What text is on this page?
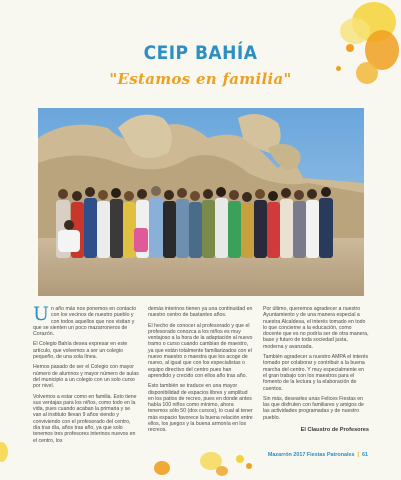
CEIP BAHÍA
"Estamos en familia"

Un año más nos ponemos en contacto con los vecinos de nuestro pueblo y con todos aquellos que nos visitan y que se sienten un poco mazarroneros de Corazón.

El Colegio Bahía desea expresar en este artículo, que volvemos a ser un colegio pequeño, de una sola línea.

Hemos pasado de ser el Colegio con mayor número de alumnos y mayor número de aulas del municipio a un colegio con un solo curso por nivel.

Volvemos a estar como en familia. Esto tiene sus ventajas para los niños, como todo en la vida, pues cuando acaban la primaria y se van al instituto llevan 9 años viendo y conviviendo con el profesorado del centro, día tras día, años tras año, ya que solo tenemos tres profesores interinos nuevos en el centro, los

demás interinos tienen ya una continuidad en nuestro centro de bastantes años.

El hecho de conocer al profesorado y que el profesorado conozca a los niños es muy ventajoso a la hora de la adaptación al nuevo tramo o curso cuando cambian de maestro, ya que están totalmente familiarizados con el nuevo maestro o maestra que los acoge de nuevo, al igual que con los especialistas o equipo directivo del centro pues han aprendido y crecido con ellos año tras año.

Esto también se traduce en una mayor disponibilidad de espacios libres y amplitud en los patios de recreo, pues en donde antes había 100 niños como mínimo, ahora tenemos sólo 50 (dos cursos), lo cual al tener más espacio favorece la buena relación entre ellos, los juegos y la buena armonía en los recreos.

Por último, queremos agradecer a nuestro Ayuntamiento y de una manera especial a nuestra Alcaldesa, el interés tomado en todo lo que concierne a la educación, como docente que es no podría ser de otra manera, base y futuro de toda sociedad justa, moderna y avanzada.

También agradecer a nuestro AMPA el interés tomado por colaborar y contribuir a la buena marcha del centro. Y muy especialmente en el gran trabajo con los maestros para el fomento de la lectura y la elaboración de cuentos.

Sin más, desearles unas Felices Fiestas en las que disfruten con familiares y amigos de las actividades programadas y de nuestro pueblo.

El Claustro de Profesores
Mazarrón 2017 Fiestas Patronales | 61
